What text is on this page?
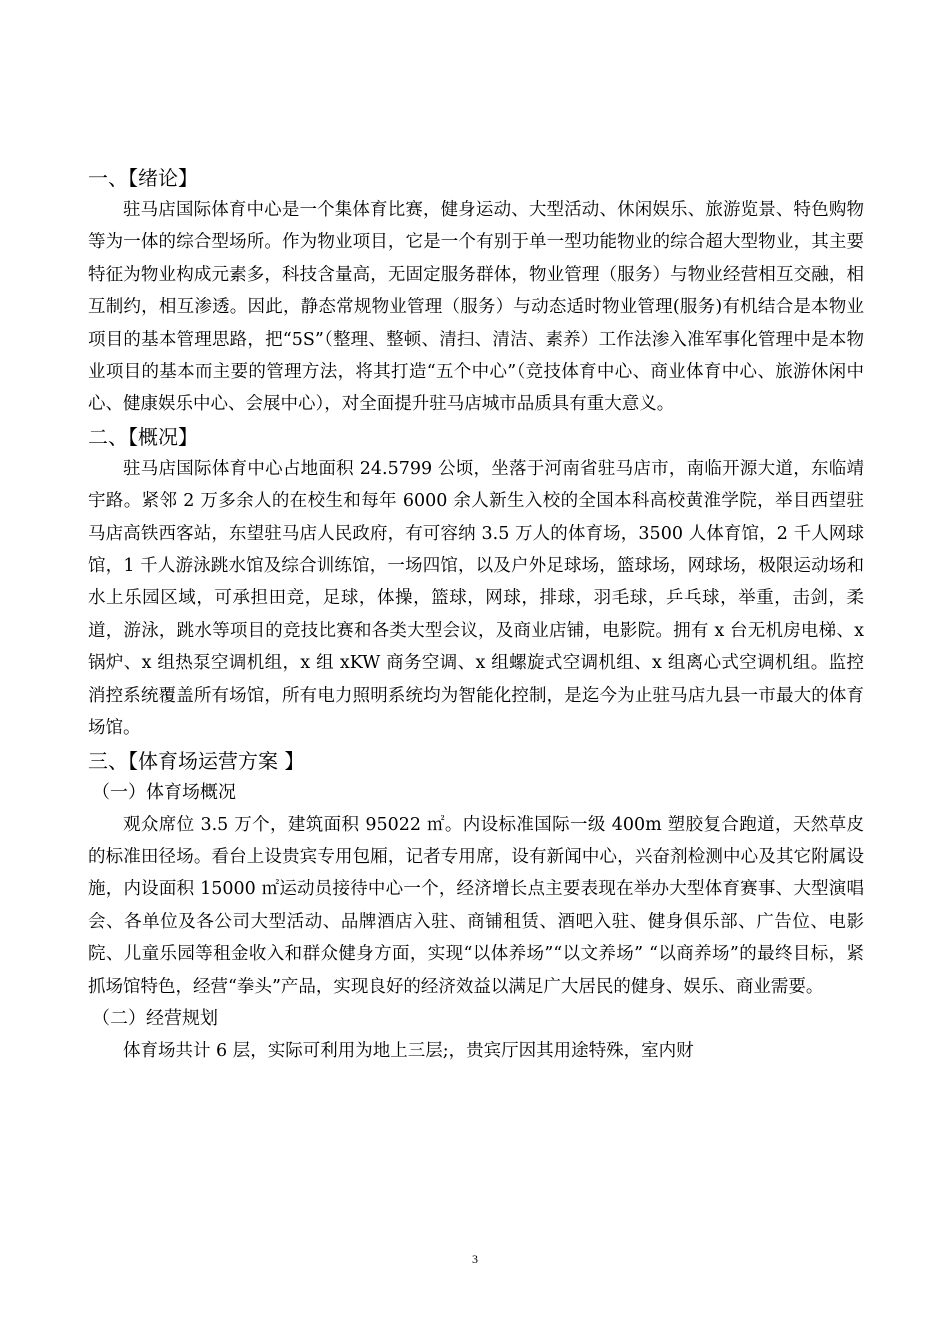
一、【绪论】

驻马店国际体育中心是一个集体育比赛，健身运动、大型活动、休闲娱乐、旅游览景、特色购物等为一体的综合型场所。作为物业项目，它是一个有别于单一型功能物业的综合超大型物业，其主要特征为物业构成元素多，科技含量高，无固定服务群体，物业管理（服务）与物业经营相互交融，相互制约，相互渗透。因此，静态常规物业管理（服务）与动态适时物业管理(服务)有机结合是本物业项目的基本管理思路，把“5S”（整理、整顿、清扫、清洁、素养）工作法渗入准军事化管理中是本物业项目的基本而主要的管理方法，将其打造“五个中心”（竞技体育中心、商业体育中心、旅游休闲中心、健康娱乐中心、会展中心），对全面提升驻马店城市品质具有重大意义。

二、【概况】

驻马店国际体育中心占地面积 24.5799 公顷，坐落于河南省驻马店市，南临开源大道，东临靖宇路。紧邻 2 万多余人的在校生和每年 6000 余人新生入校的全国本科高校黄淮学院，举目西望驻马店高铁西客站，东望驻马店人民政府，有可容纳 3.5 万人的体育场，3500 人体育馆，2 千人网球馆，1 千人游泳跳水馆及综合训练馆，一场四馆，以及户外足球场，篮球场，网球场，极限运动场和水上乐园区域，可承担田竞，足球，体操，篮球，网球，排球，羽毛球，乒乓球，举重，击剑，柔道，游泳，跳水等项目的竞技比赛和各类大型会议，及商业店铺，电影院。拥有 x 台无机房电梯、x 锅炉、x 组热泵空调机组，x 组 xKW 商务空调、x 组螺旋式空调机组、x 组离心式空调机组。监控消控系统覆盖所有场馆，所有电力照明系统均为智能化控制，是迄今为止驻马店九县一市最大的体育场馆。

三、【体育场运营方案 】
（一）体育场概况

观众席位 3.5 万个，建筑面积 95022 ㎡。内设标准国际一级 400m 塑胶复合跑道，天然草皮的标准田径场。看台上设贵宾专用包厢，记者专用席，设有新闻中心，兴奋剂检测中心及其它附属设施，内设面积 15000 ㎡运动员接待中心一个，经济增长点主要表现在举办大型体育赛事、大型演唱会、各单位及各公司大型活动、品牌酒店入驻、商铺租赁、酒吧入驻、健身俱乐部、广告位、电影院、儿童乐园等租金收入和群众健身方面，实现“以体养场”“以文养场” “以商养场”的最终目标，紧抓场馆特色，经营“拳头”产品，实现良好的经济效益以满足广大居民的健身、娱乐、商业需要。

（二）经营规划

体育场共计 6 层，实际可利用为地上三层;，贵宾厅因其用途特殊，室内财

3
